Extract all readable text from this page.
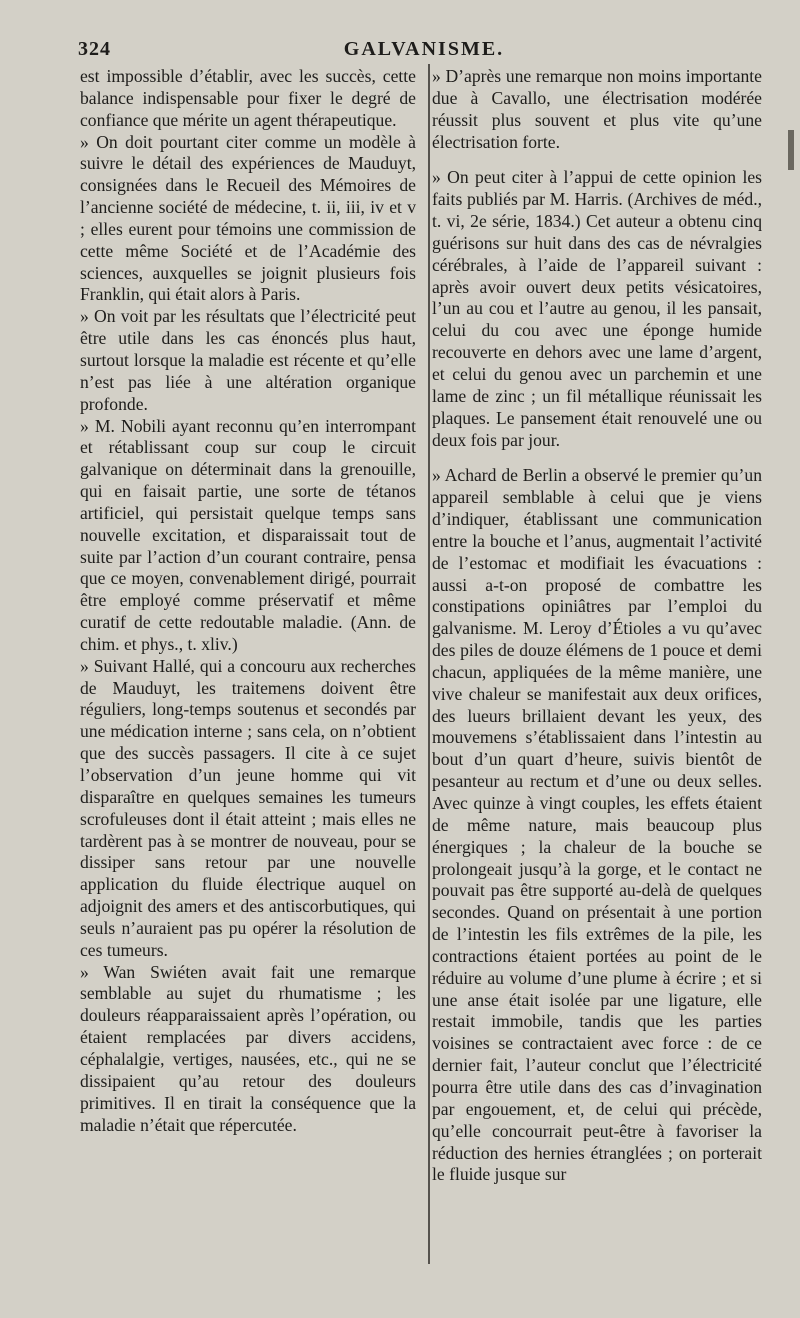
324	GALVANISME.

est impossible d’établir, avec les succès, cette balance indispensable pour fixer le degré de confiance que mérite un agent thérapeutique.

» On doit pourtant citer comme un modèle à suivre le détail des expériences de Mauduyt, consignées dans le Recueil des Mémoires de l’ancienne société de médecine, t. ii, iii, iv et v ; elles eurent pour témoins une commission de cette même Société et de l’Académie des sciences, auxquelles se joignit plusieurs fois Franklin, qui était alors à Paris.

» On voit par les résultats que l’électricité peut être utile dans les cas énoncés plus haut, surtout lorsque la maladie est récente et qu’elle n’est pas liée à une altération organique profonde.

» M. Nobili ayant reconnu qu’en interrompant et rétablissant coup sur coup le circuit galvanique on déterminait dans la grenouille, qui en faisait partie, une sorte de tétanos artificiel, qui persistait quelque temps sans nouvelle excitation, et disparaissait tout de suite par l’action d’un courant contraire, pensa que ce moyen, convenablement dirigé, pourrait être employé comme préservatif et même curatif de cette redoutable maladie. (Ann. de chim. et phys., t. xliv.)

» Suivant Hallé, qui a concouru aux recherches de Mauduyt, les traitemens doivent être réguliers, long-temps soutenus et secondés par une médication interne ; sans cela, on n’obtient que des succès passagers. Il cite à ce sujet l’observation d’un jeune homme qui vit disparaître en quelques semaines les tumeurs scrofuleuses dont il était atteint ; mais elles ne tardèrent pas à se montrer de nouveau, pour se dissiper sans retour par une nouvelle application du fluide électrique auquel on adjoignit des amers et des antiscorbutiques, qui seuls n’auraient pas pu opérer la résolution de ces tumeurs.

» Wan Swiéten avait fait une remarque semblable au sujet du rhumatisme ; les douleurs réapparaissaient après l’opération, ou étaient remplacées par divers accidens, céphalalgie, vertiges, nausées, etc., qui ne se dissipaient qu’au retour des douleurs primitives. Il en tirait la conséquence que la maladie n’était que répercutée.

» D’après une remarque non moins importante due à Cavallo, une électrisation modérée réussit plus souvent et plus vite qu’une électrisation forte.

» On peut citer à l’appui de cette opinion les faits publiés par M. Harris. (Archives de méd., t. vi, 2e série, 1834.) Cet auteur a obtenu cinq guérisons sur huit dans des cas de névralgies cérébrales, à l’aide de l’appareil suivant : après avoir ouvert deux petits vésicatoires, l’un au cou et l’autre au genou, il les pansait, celui du cou avec une éponge humide recouverte en dehors avec une lame d’argent, et celui du genou avec un parchemin et une lame de zinc ; un fil métallique réunissait les plaques. Le pansement était renouvelé une ou deux fois par jour.

» Achard de Berlin a observé le premier qu’un appareil semblable à celui que je viens d’indiquer, établissant une communication entre la bouche et l’anus, augmentait l’activité de l’estomac et modifiait les évacuations : aussi a-t-on proposé de combattre les constipations opiniâtres par l’emploi du galvanisme. M. Leroy d’Étioles a vu qu’avec des piles de douze élémens de 1 pouce et demi chacun, appliquées de la même manière, une vive chaleur se manifestait aux deux orifices, des lueurs brillaient devant les yeux, des mouvemens s’établissaient dans l’intestin au bout d’un quart d’heure, suivis bientôt de pesanteur au rectum et d’une ou deux selles. Avec quinze à vingt couples, les effets étaient de même nature, mais beaucoup plus énergiques ; la chaleur de la bouche se prolongeait jusqu’à la gorge, et le contact ne pouvait pas être supporté au-delà de quelques secondes. Quand on présentait à une portion de l’intestin les fils extrêmes de la pile, les contractions étaient portées au point de le réduire au volume d’une plume à écrire ; et si une anse était isolée par une ligature, elle restait immobile, tandis que les parties voisines se contractaient avec force : de ce dernier fait, l’auteur conclut que l’électricité pourra être utile dans des cas d’invagination par engouement, et, de celui qui précède, qu’elle concourrait peut-être à favoriser la réduction des hernies étranglées ; on porterait le fluide jusque sur
